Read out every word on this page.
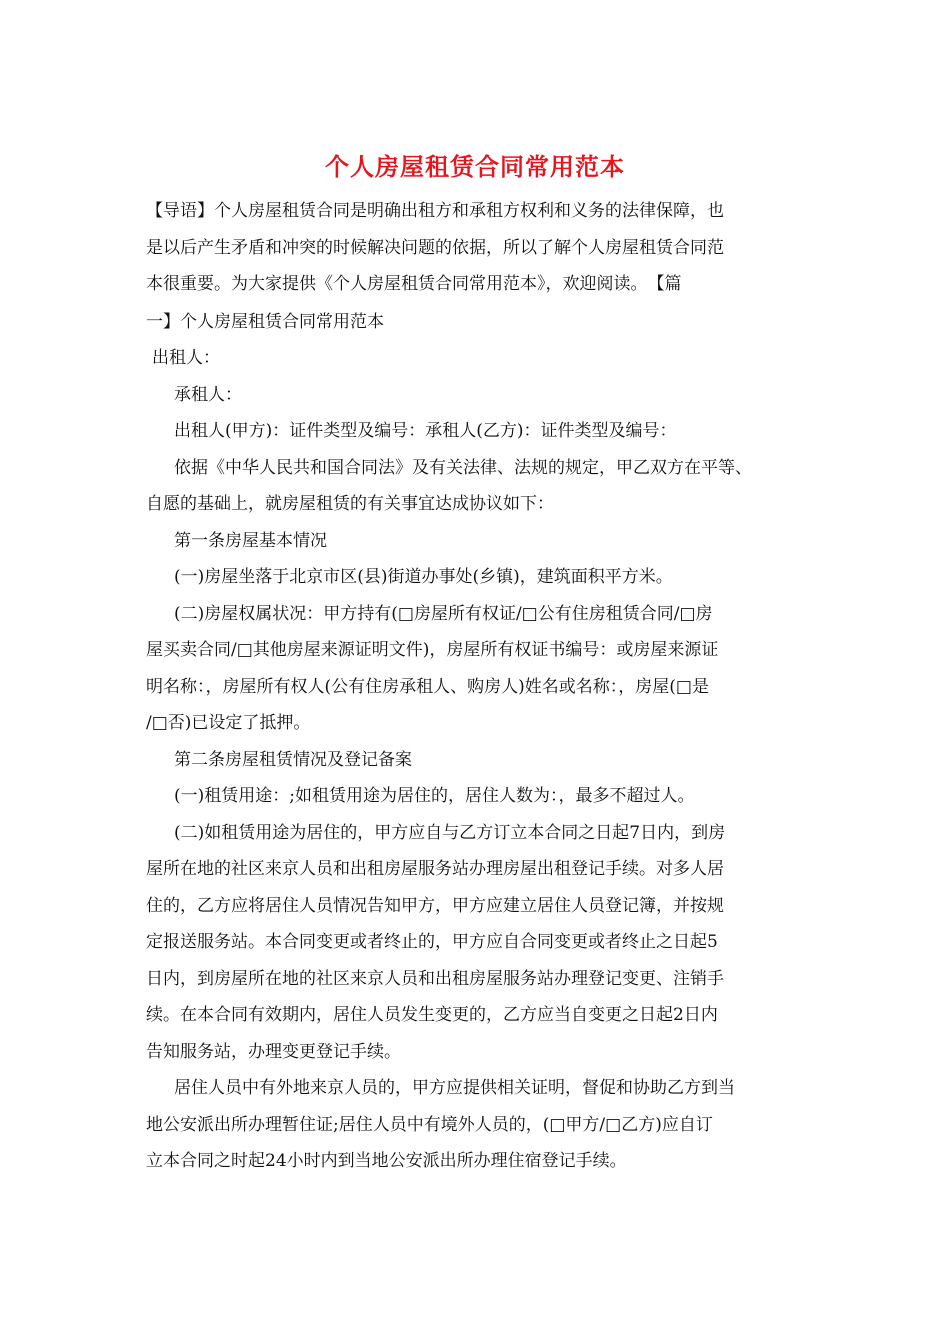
个人房屋租赁合同常用范本
【导语】个人房屋租赁合同是明确出租方和承租方权利和义务的法律保障，也
是以后产生矛盾和冲突的时候解决问题的依据，所以了解个人房屋租赁合同范
本很重要。为大家提供《个人房屋租赁合同常用范本》，欢迎阅读。　【篇
一】个人房屋租赁合同常用范本
出租人：
承租人：
出租人(甲方)：证件类型及编号：承租人(乙方)：证件类型及编号：
依据《中华人民共和国合同法》及有关法律、法规的规定，甲乙双方在平等、
自愿的基础上，就房屋租赁的有关事宜达成协议如下：
第一条房屋基本情况
(一)房屋坐落于北京市区(县)街道办事处(乡镇)，建筑面积平方米。
(二)房屋权属状况：甲方持有(□房屋所有权证/□公有住房租赁合同/□房
屋买卖合同/□其他房屋来源证明文件)，房屋所有权证书编号：或房屋来源证
明名称：，房屋所有权人(公有住房承租人、购房人)姓名或名称：，房屋(□是
/□否)已设定了抵押。
第二条房屋租赁情况及登记备案
(一)租赁用途：;如租赁用途为居住的，居住人数为：，最多不超过人。
(二)如租赁用途为居住的，甲方应自与乙方订立本合同之日起7日内，到房
屋所在地的社区来京人员和出租房屋服务站办理房屋出租登记手续。对多人居
住的，乙方应将居住人员情况告知甲方，甲方应建立居住人员登记簿，并按规
定报送服务站。本合同变更或者终止的，甲方应自合同变更或者终止之日起5
日内，到房屋所在地的社区来京人员和出租房屋服务站办理登记变更、注销手
续。在本合同有效期内，居住人员发生变更的，乙方应当自变更之日起2日内
告知服务站，办理变更登记手续。
居住人员中有外地来京人员的，甲方应提供相关证明，督促和协助乙方到当
地公安派出所办理暂住证;居住人员中有境外人员的，(□甲方/□乙方)应自订
立本合同之时起24小时内到当地公安派出所办理住宿登记手续。
